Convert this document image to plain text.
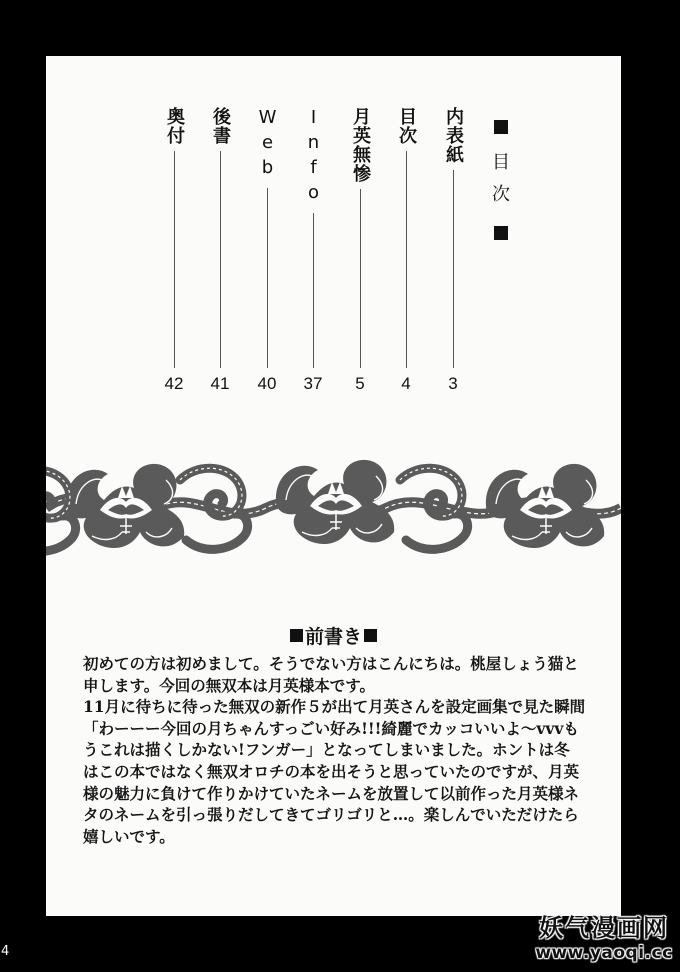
4
目
次
内表紙
3
目次
4
月英無惨
5
Info
37
Web
40
後書
41
奥付
42
前書き

初めての方は初めまして。そうでない方はこんにちは。桃屋しょう猫と

申します。今回の無双本は月英様本です。

11月に待ちに待った無双の新作５が出て月英さんを設定画集で見た瞬間

「わーーー今回の月ちゃんすっごい好み!!!綺麗でカッコいいよ～vvvも

うこれは描くしかない!フンガー」となってしまいました。ホントは冬

はこの本ではなく無双オロチの本を出そうと思っていたのですが、月英

様の魅力に負けて作りかけていたネームを放置して以前作った月英様ネ

タのネームを引っ張りだしてきてゴリゴリと…。楽しんでいただけたら

嬉しいです。

妖气漫画网
www.yaoqi.cc
